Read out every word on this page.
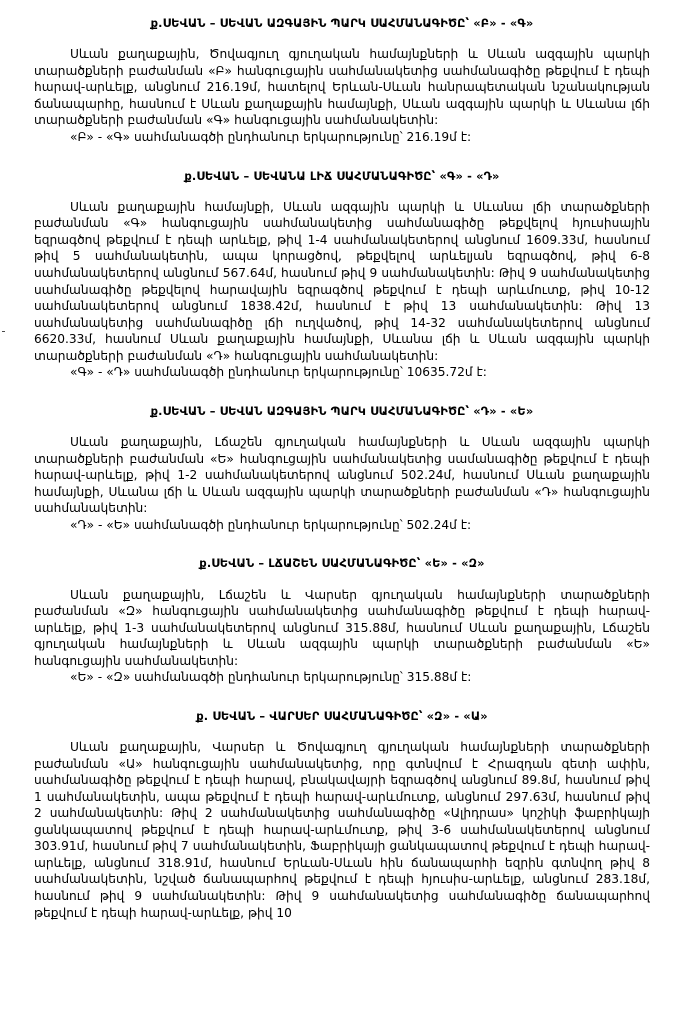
ք.ՍԵՎԱՆ – ՍԵՎԱՆ ԱԶԳԱՅԻՆ ՊԱՐԿ ՍԱՀՄԱՆԱԳԻԾԸ՝ «Բ» - «Գ»

Սևան քաղաքային, Ծովագյուղ գյուղական համայնքների և Սևան ազգային պարկի տարածքների բաժանման «Բ» հանգուցային սահմանակետից սահմանագիծը թեքվում է դեպի հարավ-արևելք, անցնում 216.19մ, հատելով Երևան-Սևան հանրապետական նշանակության ճանապարհը, հասնում է Սևան քաղաքային համայնքի, Սևան ազգային պարկի և Սևանա լճի տարածքների բաժանման «Գ» հանգուցային սահմանակետին:

«Բ» - «Գ» սահմանագծի ընդհանուր երկարությունը՝ 216.19մ է:

ք.ՍԵՎԱՆ – ՍԵՎԱՆԱ ԼԻՃ ՍԱՀՄԱՆԱԳԻԾԸ՝ «Գ» - «Դ»

Սևան քաղաքային համայնքի, Սևան ազգային պարկի և Սևանա լճի տարածքների բաժանման «Գ» հանգուցային սահմանակետից սահմանագիծը թեքվելով հյուսիսային եզրագծով թեքվում է դեպի արևելք, թիվ 1-4 սահմանակետերով անցնում 1609.33մ, հասնում թիվ 5 սահմանակետին, ապա կորացծով, թեքվելով արևելյան եզրագծով, թիվ 6-8 սահմանակետերով անցնում 567.64մ, հասնում թիվ 9 սահմանակետին: Թիվ 9 սահմանակետից սահմանագիծը թեքվելով հարավային եզրագծով թեքվում է դեպի արևմուտք, թիվ 10-12 սահմանակետերով անցնում 1838.42մ, հասնում է թիվ 13 սահմանակետին: Թիվ 13 սահմանակետից սահմանագիծը լճի ուղվածով, թիվ 14-32 սահմանակետերով անցնում 6620.33մ, հասնում Սևան քաղաքային համայնքի, Սևանա լճի և Սևան ազգային պարկի տարածքների բաժանման «Դ» հանգուցային սահմանակետին:

«Գ» - «Դ» սահմանագծի ընդհանուր երկարությունը՝ 10635.72մ է:

ք.ՍԵՎԱՆ – ՍԵՎԱՆ ԱԶԳԱՅԻՆ ՊԱՐԿ ՍԱՀՄԱՆԱԳԻԾԸ՝ «Դ» - «Ե»

Սևան քաղաքային, Լճաշեն գյուղական համայնքների և Սևան ազգային պարկի տարածքների բաժանման «Ե» հանգուցային սահմանակետից սամանագիծը թեքվում է դեպի հարավ-արևելք, թիվ 1-2 սահմանակետերով անցնում 502.24մ, հասնում Սևան քաղաքային համայնքի, Սևանա լճի և Սևան ազգային պարկի տարածքների բաժանման «Դ» հանգուցային սահմանակետին:

«Դ» - «Ե» սահմանագծի ընդհանուր երկարությունը՝ 502.24մ է:

ք.ՍԵՎԱՆ – ԼՃԱՇԵՆ ՍԱՀՄԱՆԱԳԻԾԸ՝ «Ե» - «Զ»

Սևան քաղաքային, Լճաշեն և Վարսեր գյուղական համայնքների տարածքների բաժանման «Զ» հանգուցային սահմանակետից սահմանագիծը թեքվում է դեպի հարավ-արևելք, թիվ 1-3 սահմանակետերով անցնում 315.88մ, հասնում Սևան քաղաքային, Լճաշեն գյուղական համայնքների և Սևան ազգային պարկի տարածքների բաժանման «Ե» հանգուցային սահմանակետին:

«Ե» - «Զ» սահմանագծի ընդհանուր երկարությունը՝ 315.88մ է:

ք. ՍԵՎԱՆ – ՎԱՐՍԵՐ ՍԱՀՄԱՆԱԳԻԾԸ՝ «Զ» - «Ա»

Սևան քաղաքային, Վարսեր և Ծովագյուղ գյուղական համայնքների տարածքների բաժանման «Ա» հանգուցային սահմանակետից, որը գտնվում է Հրազդան գետի ափին, սահմանագիծը թեքվում է դեպի հարավ, բնակավայրի եզրագծով անցնում 89.8մ, հասնում թիվ 1 սահմանակետին, ապա թեքվում է դեպի հարավ-արևմուտք, անցնում 297.63մ, հասնում թիվ 2 սահմանակետին: Թիվ 2 սահմանակետից սահմանագիծը «Ալիդրաս» կոշիկի ֆաբրիկայի ցանկապատով թեքվում է դեպի հարավ-արևմուտք, թիվ 3-6 սահմանակետերով անցնում 303.91մ, հասնում թիվ 7 սահմանակետին, Ֆաբրիկայի ցանկապատով թեքվում է դեպի հարավ-արևելք, անցնում 318.91մ, հասնում Երևան-Սևան հին ճանապարհի եզրին գտնվող թիվ 8 սահմանակետին, նշված ճանապարհով թեքվում է դեպի հյուսիս-արևելք, անցնում 283.18մ, հասնում թիվ 9 սահմանակետին: Թիվ 9 սահմանակետից սահմանագիծը ճանապարհով թեքվում է դեպի հարավ-արևելք, թիվ 10
